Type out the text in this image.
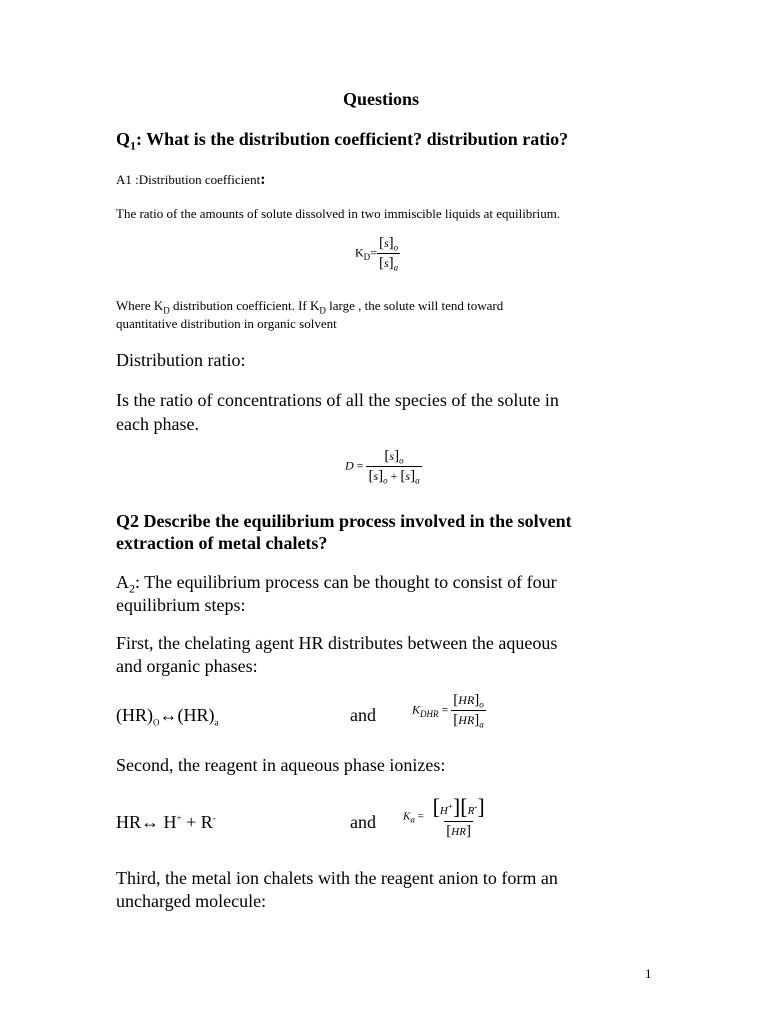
Questions
$Q_1$: What is the distribution coefficient? distribution ratio?
A1 :Distribution coefficient:
The ratio of the amounts of solute dissolved in two immiscible liquids at equilibrium.
$K_D= \frac{[s]_o}{[s]_a}$
Where $K_D$ distribution coefficient. If $K_D$ large , the solute will tend toward
quantitative distribution in organic solvent
Distribution ratio:
Is the ratio of concentrations of all the species of the solute in
each phase.
$D = \frac{[s]_o}{[s]_o + [s]_a}$
Q2 Describe the equilibrium process involved in the solvent
extraction of metal chalets?
$A_2$: The equilibrium process can be thought to consist of four
equilibrium steps:
First, the chelating agent HR distributes between the aqueous
and organic phases:
$(HR)_O\leftrightarrow(HR)_a$	and	$K_{DHR} = \frac{[HR]_o}{[HR]_a}$
Second, the reagent in aqueous phase ionizes:
HR↔ H+ + R-	and $K_a = \frac{[H^+][R^-]}{[HR]}$
Third, the metal ion chalets with the reagent anion to form an
uncharged molecule:
1
